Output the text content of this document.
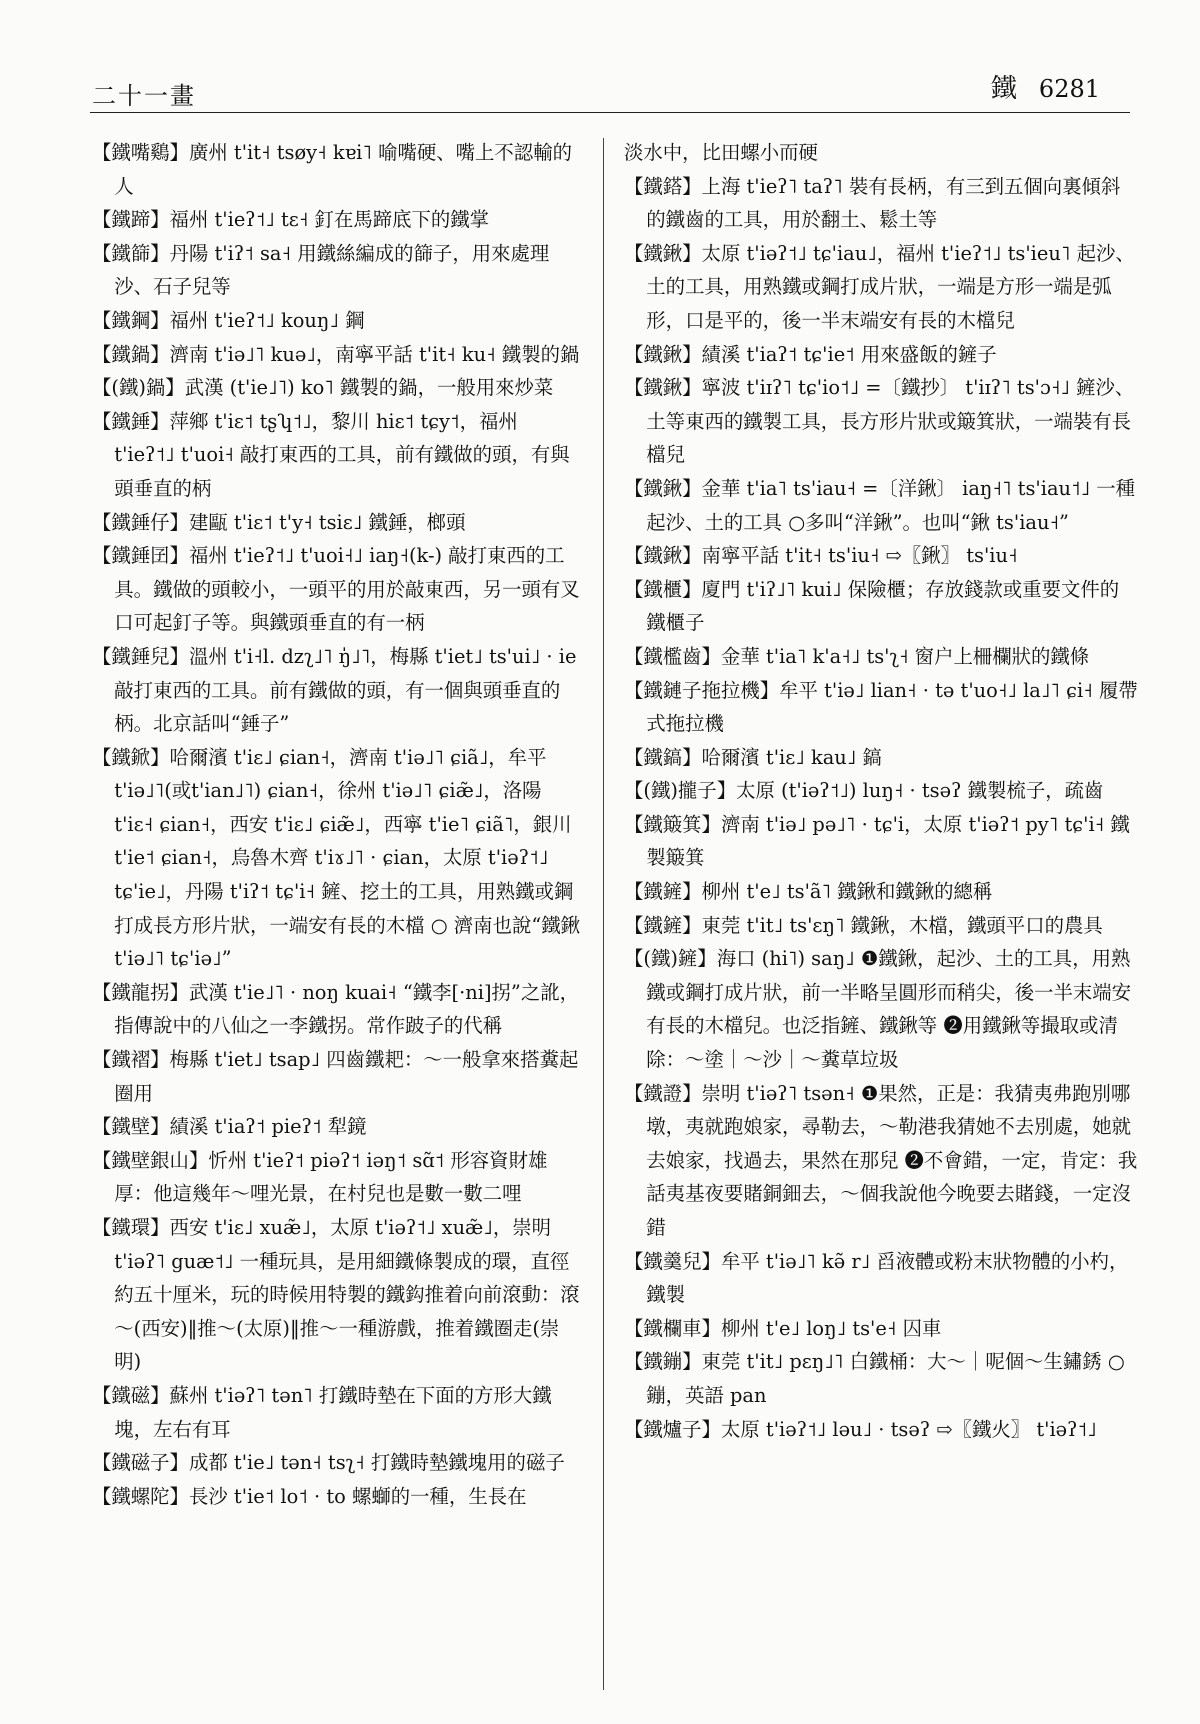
二十一畫	鐵 6281

【鐵嘴鷄】廣州 t'it˧ tsøy˧ kɐi˥ 喻嘴硬、嘴上不認輸的人

【鐵蹄】福州 t'ieʔ˦˩ tɛ˧ 釘在馬蹄底下的鐵掌

【鐵篩】丹陽 t'iʔ˦ sa˧ 用鐵絲編成的篩子，用來處理沙、石子兒等

【鐵鋼】福州 t'ieʔ˦˩ kouŋ˩ 鋼

【鐵鍋】濟南 t'iə˩˥ kuə˩，南寧平話 t'it˧ ku˧ 鐵製的鍋

【(鐵)鍋】武漢 (t'ie˩˥) ko˥ 鐵製的鍋，一般用來炒菜

【鐵錘】萍鄉 t'iɛ˦ tʂʮ˦˩，黎川 hiɛ˦ tɕy˦，福州 t'ieʔ˦˩ t'uoi˧ 敲打東西的工具，前有鐵做的頭，有與頭垂直的柄

【鐵錘仔】建甌 t'iɛ˦ t'y˧ tsiɛ˩ 鐵錘，榔頭

【鐵錘囝】福州 t'ieʔ˦˩ t'uoi˧˩ iaŋ˧(k-) 敲打東西的工具。鐵做的頭較小，一頭平的用於敲東西，另一頭有叉口可起釘子等。與鐵頭垂直的有一柄

【鐵錘兒】溫州 t'i˧l. dzʅ˩˥ ŋ̍˩˥，梅縣 t'iet˩ ts'ui˩ · ie 敲打東西的工具。前有鐵做的頭，有一個與頭垂直的柄。北京話叫“錘子”

【鐵鍁】哈爾濱 t'iɛ˩ ɕian˧，濟南 t'iə˩˥ ɕiã˩，牟平 t'iə˩˥(或t'ian˩˥) ɕian˧，徐州 t'iə˩˥ ɕiæ̃˩，洛陽 t'iɛ˧ ɕian˧，西安 t'iɛ˩ ɕiæ̃˩，西寧 t'ie˥ ɕiã˥，銀川 t'ie˦ ɕian˧，烏魯木齊 t'iɤ˩˥ · ɕian，太原 t'iəʔ˦˩ tɕ'ie˩，丹陽 t'iʔ˦ tɕ'i˧ 鏟、挖土的工具，用熟鐵或鋼打成長方形片狀，一端安有長的木檔 ○ 濟南也說“鐵鍬 t'iə˩˥ tɕ'iə˩”

【鐵龍拐】武漢 t'ie˩˥ · noŋ kuai˧ “鐵李[·ni]拐”之訛，指傳說中的八仙之一李鐵拐。常作跛子的代稱

【鐵褶】梅縣 t'iet˩ tsap˩ 四齒鐵耙：～一般拿來搭糞起圈用

【鐵壁】績溪 t'iaʔ˦ pieʔ˦ 犁鏡

【鐵壁銀山】忻州 t'ieʔ˦ piəʔ˦ iəŋ˦ sɑ̃˦ 形容資財雄厚：他這幾年～哩光景，在村兒也是數一數二哩

【鐵環】西安 t'iɛ˩ xuæ̃˩，太原 t'iəʔ˦˩ xuæ̃˩，崇明 t'iəʔ˥ guæ˦˩ 一種玩具，是用細鐵條製成的環，直徑約五十厘米，玩的時候用特製的鐵鈎推着向前滾動：滾～(西安)‖推～(太原)‖推～一種游戲，推着鐵圈走(崇明)

【鐵磁】蘇州 t'iəʔ˥ tən˥ 打鐵時墊在下面的方形大鐵塊，左右有耳

【鐵磁子】成都 t'ie˩ tən˧ tsʅ˧ 打鐵時墊鐵塊用的磁子

【鐵螺陀】長沙 t'ie˦ lo˦ · to 螺螄的一種，生長在

淡水中，比田螺小而硬

【鐵鎝】上海 t'ieʔ˥ taʔ˥ 裝有長柄，有三到五個向裏傾斜的鐵齒的工具，用於翻土、鬆土等

【鐵鍬】太原 t'iəʔ˦˩ tɕ'iau˩，福州 t'ieʔ˦˩ ts'ieu˥ 起沙、土的工具，用熟鐵或鋼打成片狀，一端是方形一端是弧形，口是平的，後一半末端安有長的木檔兒

【鐵鍬】績溪 t'iaʔ˦ tɕ'ie˦ 用來盛飯的鏟子

【鐵鍬】寧波 t'iɪʔ˥ tɕ'io˦˩ =〔鐵抄〕 t'iɪʔ˥ ts'ɔ˧˩ 鏟沙、土等東西的鐵製工具，長方形片狀或簸箕狀，一端裝有長檔兒

【鐵鍬】金華 t'ia˥ ts'iau˧ =〔洋鍬〕 iaŋ˧˥ ts'iau˦˩ 一種起沙、土的工具 ○多叫“洋鍬”。也叫“鍬 ts'iau˧”

【鐵鍬】南寧平話 t'it˧ ts'iu˧ ⇨〖鍬〗 ts'iu˧

【鐵櫃】廈門 t'iʔ˩˥ kui˩ 保險櫃；存放錢款或重要文件的鐵櫃子

【鐵檻齒】金華 t'ia˥ k'a˧˩ ts'ʅ˧ 窗户上柵欄狀的鐵條

【鐵鏈子拖拉機】牟平 t'iə˩ lian˧ · tə t'uo˧˩ la˩˥ ɕi˧ 履帶式拖拉機

【鐵鎬】哈爾濱 t'iɛ˩ kau˩ 鎬

【(鐵)攏子】太原 (t'iəʔ˦˩) luŋ˧ · tsəʔ 鐵製梳子，疏齒

【鐵簸箕】濟南 t'iə˩ pə˩˥ · tɕ'i，太原 t'iəʔ˦ py˥ tɕ'i˧ 鐵製簸箕

【鐵鏟】柳州 t'e˩ ts'ã˥ 鐵鍬和鐵鍬的總稱

【鐵鏟】東莞 t'it˩ ts'ɛŋ˥ 鐵鍬，木檔，鐵頭平口的農具

【(鐵)鏟】海口 (hi˥) saŋ˩ ❶鐵鍬，起沙、土的工具，用熟鐵或鋼打成片狀，前一半略呈圓形而稍尖，後一半末端安有長的木檔兒。也泛指鏟、鐵鍬等 ❷用鐵鍬等撮取或清除：～塗｜～沙｜～糞草垃圾

【鐵證】崇明 t'iəʔ˥ tsən˧ ❶果然，正是：我猜夷弗跑別哪墩，夷就跑娘家，尋勒去，～勒港我猜她不去別處，她就去娘家，找過去，果然在那兒 ❷不會錯，一定，肯定：我話夷基夜要賭銅鈿去，～個我說他今晚要去賭錢，一定沒錯

【鐵羹兒】牟平 t'iə˩˥ kə̃ r˩ 舀液體或粉末狀物體的小杓，鐵製

【鐵欄車】柳州 t'e˩ loŋ˩ ts'e˧ 囚車

【鐵鏰】東莞 t'it˩ pɛŋ˩˥ 白鐵桶：大～｜呢個～生鏽銹 ○鏰，英語 pan

【鐵爐子】太原 t'iəʔ˦˩ ləu˩ · tsəʔ ⇨〖鐵火〗 t'iəʔ˦˩
